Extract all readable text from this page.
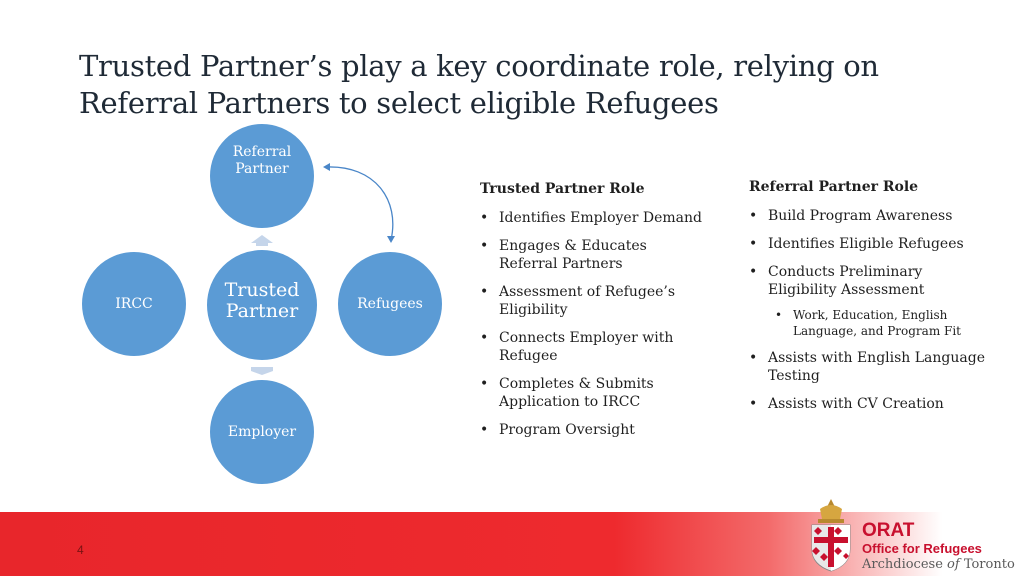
Trusted Partner’s play a key coordinate role, relying on Referral Partners to select eligible Refugees
Referral Partner
IRCC
Trusted Partner	Refugees
Employer
Trusted Partner Role
• Identifies Employer Demand
• Engages & Educates Referral Partners
• Assessment of Refugee’s Eligibility
• Connects Employer with Refugee
• Completes & Submits Application to IRCC
• Program Oversight
Referral Partner Role
• Build Program Awareness
• Identifies Eligible Refugees
• Conducts Preliminary Eligibility Assessment
• Work, Education, English Language, and Program Fit
• Assists with English Language Testing
• Assists with CV Creation
4
ORAT
Office for Refugees
Archdiocese of Toronto
